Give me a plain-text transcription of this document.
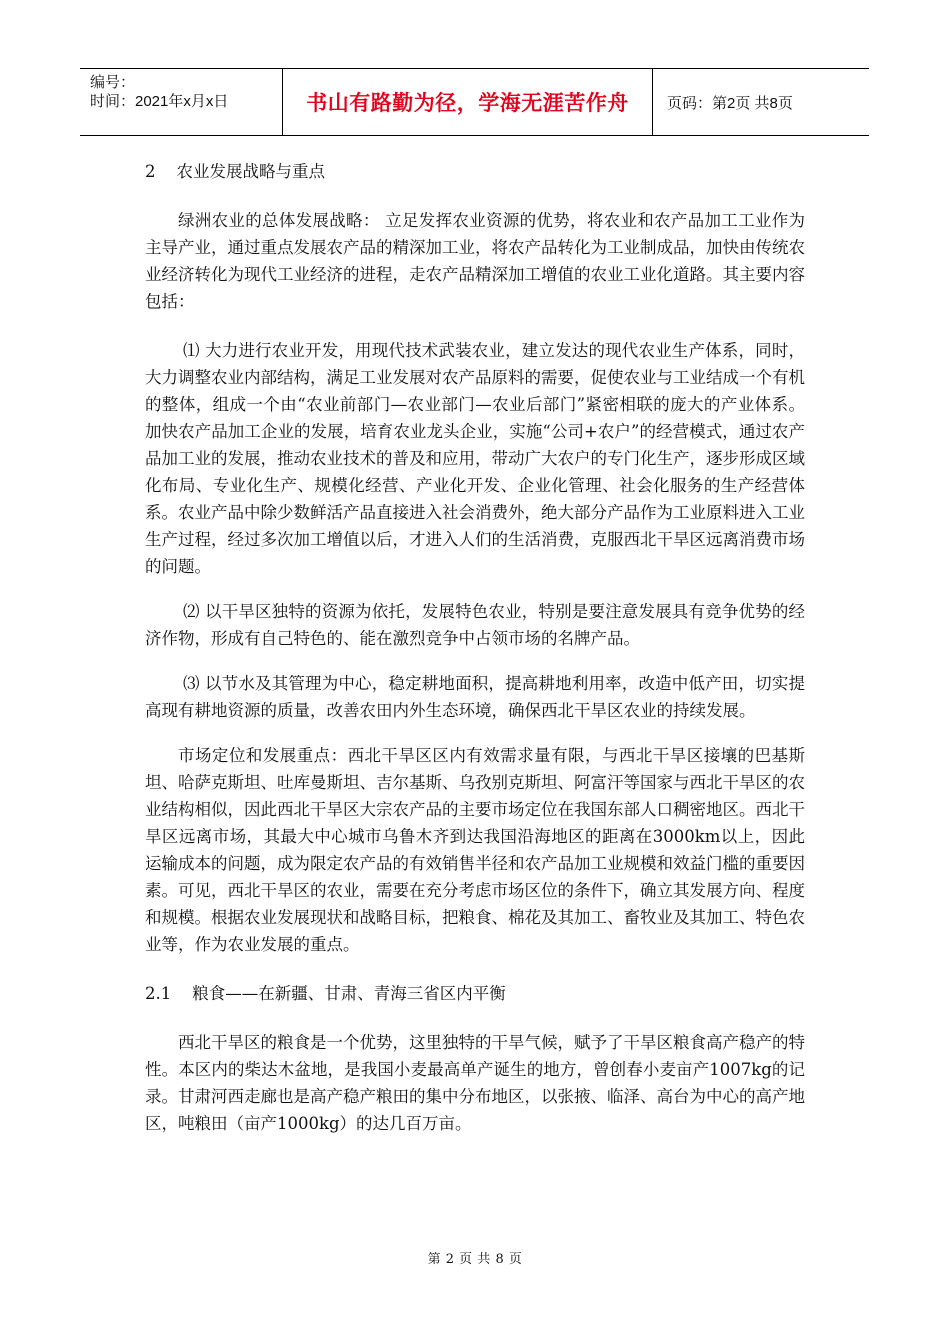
编号：
时间：2021年x月x日	书山有路勤为径，学海无涯苦作舟	页码：第2页 共8页

2    农业发展战略与重点

绿洲农业的总体发展战略： 立足发挥农业资源的优势，将农业和农产品加工工业作为主导产业，通过重点发展农产品的精深加工业，将农产品转化为工业制成品，加快由传统农业经济转化为现代工业经济的进程，走农产品精深加工增值的农业工业化道路。其主要内容包括：

⑴ 大力进行农业开发，用现代技术武装农业，建立发达的现代农业生产体系，同时，大力调整农业内部结构，满足工业发展对农产品原料的需要，促使农业与工业结成一个有机的整体，组成一个由“农业前部门—农业部门—农业后部门”紧密相联的庞大的产业体系。加快农产品加工企业的发展，培育农业龙头企业，实施“公司+农户”的经营模式，通过农产品加工业的发展，推动农业技术的普及和应用，带动广大农户的专门化生产，逐步形成区域化布局、专业化生产、规模化经营、产业化开发、企业化管理、社会化服务的生产经营体系。农业产品中除少数鲜活产品直接进入社会消费外，绝大部分产品作为工业原料进入工业生产过程，经过多次加工增值以后，才进入人们的生活消费，克服西北干旱区远离消费市场的问题。

⑵ 以干旱区独特的资源为依托，发展特色农业，特别是要注意发展具有竞争优势的经济作物，形成有自己特色的、能在激烈竞争中占领市场的名牌产品。

⑶ 以节水及其管理为中心，稳定耕地面积，提高耕地利用率，改造中低产田，切实提高现有耕地资源的质量，改善农田内外生态环境，确保西北干旱区农业的持续发展。

市场定位和发展重点：西北干旱区区内有效需求量有限，与西北干旱区接壤的巴基斯坦、哈萨克斯坦、吐库曼斯坦、吉尔基斯、乌孜别克斯坦、阿富汗等国家与西北干旱区的农业结构相似，因此西北干旱区大宗农产品的主要市场定位在我国东部人口稠密地区。西北干旱区远离市场，其最大中心城市乌鲁木齐到达我国沿海地区的距离在3000km以上，因此运输成本的问题，成为限定农产品的有效销售半径和农产品加工业规模和效益门槛的重要因素。可见，西北干旱区的农业，需要在充分考虑市场区位的条件下，确立其发展方向、程度和规模。根据农业发展现状和战略目标，把粮食、棉花及其加工、畜牧业及其加工、特色农业等，作为农业发展的重点。

2.1    粮食——在新疆、甘肃、青海三省区内平衡

西北干旱区的粮食是一个优势，这里独特的干旱气候，赋予了干旱区粮食高产稳产的特性。本区内的柴达木盆地，是我国小麦最高单产诞生的地方，曾创春小麦亩产1007kg的记录。甘肃河西走廊也是高产稳产粮田的集中分布地区，以张掖、临泽、高台为中心的高产地区，吨粮田（亩产1000kg）的达几百万亩。

第 2 页 共 8 页
